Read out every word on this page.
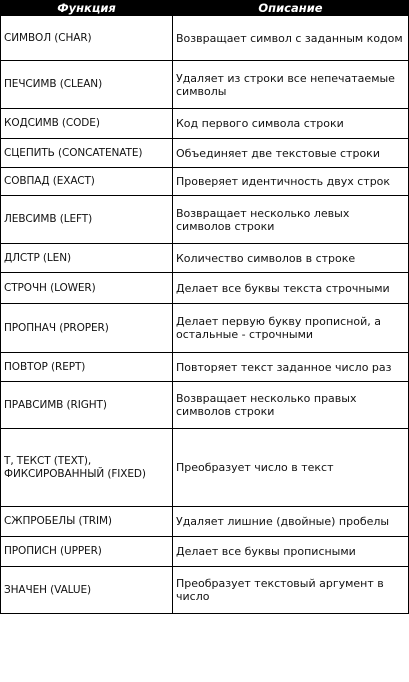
Функция	Описание
СИМВОЛ (CHAR)	Возвращает символ с заданным кодом
ПЕЧСИМВ (CLEAN)	Удаляет из строки все непечатаемые символы
КОДСИМВ (CODE)	Код первого символа строки
СЦЕПИТЬ (CONCATENATE)	Объединяет две текстовые строки
СОВПАД (EXACT)	Проверяет идентичность двух строк
ЛЕВСИМВ (LEFT)	Возвращает несколько левых символов строки
ДЛСТР (LEN)	Количество символов в строке
СТРОЧН (LOWER)	Делает все буквы текста строчными
ПРОПНАЧ (PROPER)	Делает первую букву прописной, а остальные - строчными
ПОВТОР (REPT)	Повторяет текст заданное число раз
ПРАВСИМВ (RIGHT)	Возвращает несколько правых символов строки
Т, ТЕКСТ (TEXT), ФИКСИРОВАННЫЙ (FIXED)	Преобразует число в текст
СЖПРОБЕЛЫ (TRIM)	Удаляет лишние (двойные) пробелы
ПРОПИСН (UPPER)	Делает все буквы прописными
ЗНАЧЕН (VALUE)	Преобразует текстовый аргумент в число
